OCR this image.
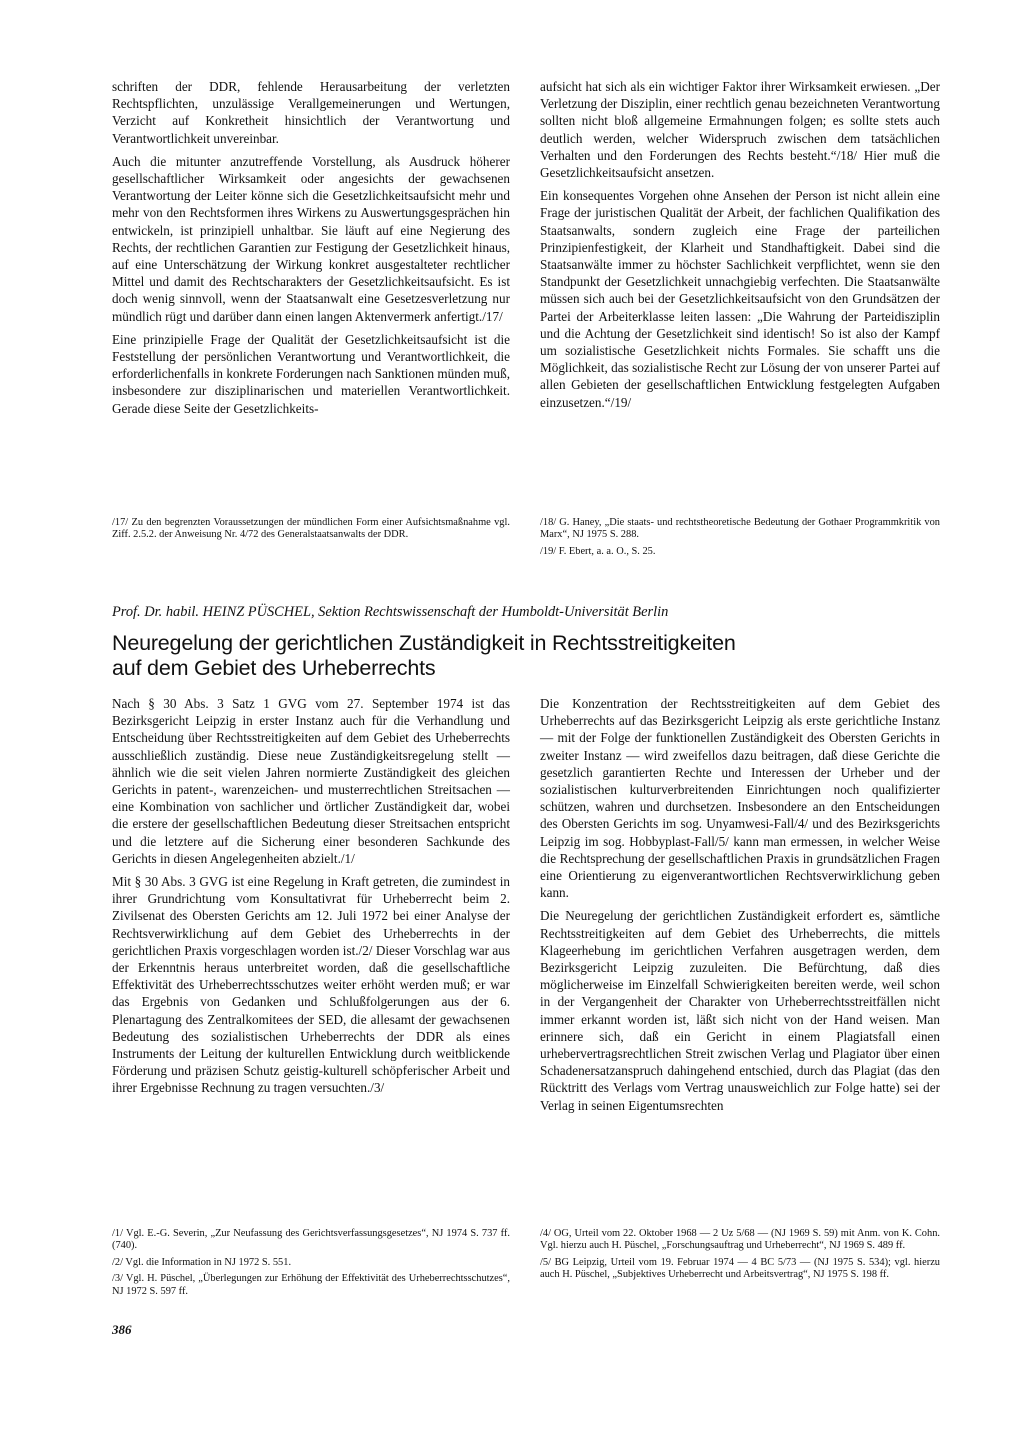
schriften der DDR, fehlende Herausarbeitung der verletzten Rechtspflichten, unzulässige Verallgemeinerungen und Wertungen, Verzicht auf Konkretheit hinsichtlich der Verantwortung und Verantwortlichkeit unvereinbar.

Auch die mitunter anzutreffende Vorstellung, als Ausdruck höherer gesellschaftlicher Wirksamkeit oder angesichts der gewachsenen Verantwortung der Leiter könne sich die Gesetzlichkeitsaufsicht mehr und mehr von den Rechtsformen ihres Wirkens zu Auswertungsgesprächen hin entwickeln, ist prinzipiell unhaltbar. Sie läuft auf eine Negierung des Rechts, der rechtlichen Garantien zur Festigung der Gesetzlichkeit hinaus, auf eine Unterschätzung der Wirkung konkret ausgestalteter rechtlicher Mittel und damit des Rechtscharakters der Gesetzlichkeitsaufsicht. Es ist doch wenig sinnvoll, wenn der Staatsanwalt eine Gesetzesverletzung nur mündlich rügt und darüber dann einen langen Aktenvermerk anfertigt./17/

Eine prinzipielle Frage der Qualität der Gesetzlichkeitsaufsicht ist die Feststellung der persönlichen Verantwortung und Verantwortlichkeit, die erforderlichenfalls in konkrete Forderungen nach Sanktionen münden muß, insbesondere zur disziplinarischen und materiellen Verantwortlichkeit. Gerade diese Seite der Gesetzlichkeits-

aufsicht hat sich als ein wichtiger Faktor ihrer Wirksamkeit erwiesen. „Der Verletzung der Disziplin, einer rechtlich genau bezeichneten Verantwortung sollten nicht bloß allgemeine Ermahnungen folgen; es sollte stets auch deutlich werden, welcher Widerspruch zwischen dem tatsächlichen Verhalten und den Forderungen des Rechts besteht.“/18/ Hier muß die Gesetzlichkeitsaufsicht ansetzen.

Ein konsequentes Vorgehen ohne Ansehen der Person ist nicht allein eine Frage der juristischen Qualität der Arbeit, der fachlichen Qualifikation des Staatsanwalts, sondern zugleich eine Frage der parteilichen Prinzipienfestigkeit, der Klarheit und Standhaftigkeit. Dabei sind die Staatsanwälte immer zu höchster Sachlichkeit verpflichtet, wenn sie den Standpunkt der Gesetzlichkeit unnachgiebig verfechten. Die Staatsanwälte müssen sich auch bei der Gesetzlichkeitsaufsicht von den Grundsätzen der Partei der Arbeiterklasse leiten lassen: „Die Wahrung der Parteidisziplin und die Achtung der Gesetzlichkeit sind identisch! So ist also der Kampf um sozialistische Gesetzlichkeit nichts Formales. Sie schafft uns die Möglichkeit, das sozialistische Recht zur Lösung der von unserer Partei auf allen Gebieten der gesellschaftlichen Entwicklung festgelegten Aufgaben einzusetzen.“/19/

/17/ Zu den begrenzten Voraussetzungen der mündlichen Form einer Aufsichtsmaßnahme vgl. Ziff. 2.5.2. der Anweisung Nr. 4/72 des Generalstaatsanwalts der DDR.

/18/ G. Haney, „Die staats- und rechtstheoretische Bedeutung der Gothaer Programmkritik von Marx“, NJ 1975 S. 288.

/19/ F. Ebert, a. a. O., S. 25.

Prof. Dr. habil. HEINZ PÜSCHEL, Sektion Rechtswissenschaft der Humboldt-Universität Berlin
Neuregelung der gerichtlichen Zuständigkeit in Rechtsstreitigkeiten
auf dem Gebiet des Urheberrechts

Nach § 30 Abs. 3 Satz 1 GVG vom 27. September 1974 ist das Bezirksgericht Leipzig in erster Instanz auch für die Verhandlung und Entscheidung über Rechtsstreitigkeiten auf dem Gebiet des Urheberrechts ausschließlich zuständig. Diese neue Zuständigkeitsregelung stellt — ähnlich wie die seit vielen Jahren normierte Zuständigkeit des gleichen Gerichts in patent-, warenzeichen- und musterrechtlichen Streitsachen — eine Kombination von sachlicher und örtlicher Zuständigkeit dar, wobei die erstere der gesellschaftlichen Bedeutung dieser Streitsachen entspricht und die letztere auf die Sicherung einer besonderen Sachkunde des Gerichts in diesen Angelegenheiten abzielt./1/

Mit § 30 Abs. 3 GVG ist eine Regelung in Kraft getreten, die zumindest in ihrer Grundrichtung vom Konsultativrat für Urheberrecht beim 2. Zivilsenat des Obersten Gerichts am 12. Juli 1972 bei einer Analyse der Rechtsverwirklichung auf dem Gebiet des Urheberrechts in der gerichtlichen Praxis vorgeschlagen worden ist./2/ Dieser Vorschlag war aus der Erkenntnis heraus unterbreitet worden, daß die gesellschaftliche Effektivität des Urheberrechtsschutzes weiter erhöht werden muß; er war das Ergebnis von Gedanken und Schlußfolgerungen aus der 6. Plenartagung des Zentralkomitees der SED, die allesamt der gewachsenen Bedeutung des sozialistischen Urheberrechts der DDR als eines Instruments der Leitung der kulturellen Entwicklung durch weitblickende Förderung und präzisen Schutz geistig-kulturell schöpferischer Arbeit und ihrer Ergebnisse Rechnung zu tragen versuchten./3/

Die Konzentration der Rechtsstreitigkeiten auf dem Gebiet des Urheberrechts auf das Bezirksgericht Leipzig als erste gerichtliche Instanz — mit der Folge der funktionellen Zuständigkeit des Obersten Gerichts in zweiter Instanz — wird zweifellos dazu beitragen, daß diese Gerichte die gesetzlich garantierten Rechte und Interessen der Urheber und der sozialistischen kulturverbreitenden Einrichtungen noch qualifizierter schützen, wahren und durchsetzen. Insbesondere an den Entscheidungen des Obersten Gerichts im sog. Unyamwesi-Fall/4/ und des Bezirksgerichts Leipzig im sog. Hobbyplast-Fall/5/ kann man ermessen, in welcher Weise die Rechtsprechung der gesellschaftlichen Praxis in grundsätzlichen Fragen eine Orientierung zu eigenverantwortlichen Rechtsverwirklichung geben kann.

Die Neuregelung der gerichtlichen Zuständigkeit erfordert es, sämtliche Rechtsstreitigkeiten auf dem Gebiet des Urheberrechts, die mittels Klageerhebung im gerichtlichen Verfahren ausgetragen werden, dem Bezirksgericht Leipzig zuzuleiten. Die Befürchtung, daß dies möglicherweise im Einzelfall Schwierigkeiten bereiten werde, weil schon in der Vergangenheit der Charakter von Urheberrechtsstreitfällen nicht immer erkannt worden ist, läßt sich nicht von der Hand weisen. Man erinnere sich, daß ein Gericht in einem Plagiatsfall einen urhebervertragsrechtlichen Streit zwischen Verlag und Plagiator über einen Schadenersatzanspruch dahingehend entschied, durch das Plagiat (das den Rücktritt des Verlags vom Vertrag unausweichlich zur Folge hatte) sei der Verlag in seinen Eigentumsrechten

/1/ Vgl. E.-G. Severin, „Zur Neufassung des Gerichtsverfassungsgesetzes“, NJ 1974 S. 737 ff. (740).

/2/ Vgl. die Information in NJ 1972 S. 551.

/3/ Vgl. H. Püschel, „Überlegungen zur Erhöhung der Effektivität des Urheberrechtsschutzes“, NJ 1972 S. 597 ff.

/4/ OG, Urteil vom 22. Oktober 1968 — 2 Uz 5/68 — (NJ 1969 S. 59) mit Anm. von K. Cohn. Vgl. hierzu auch H. Püschel, „Forschungsauftrag und Urheberrecht“, NJ 1969 S. 489 ff.

/5/ BG Leipzig, Urteil vom 19. Februar 1974 — 4 BC 5/73 — (NJ 1975 S. 534); vgl. hierzu auch H. Püschel, „Subjektives Urheberrecht und Arbeitsvertrag“, NJ 1975 S. 198 ff.

386
